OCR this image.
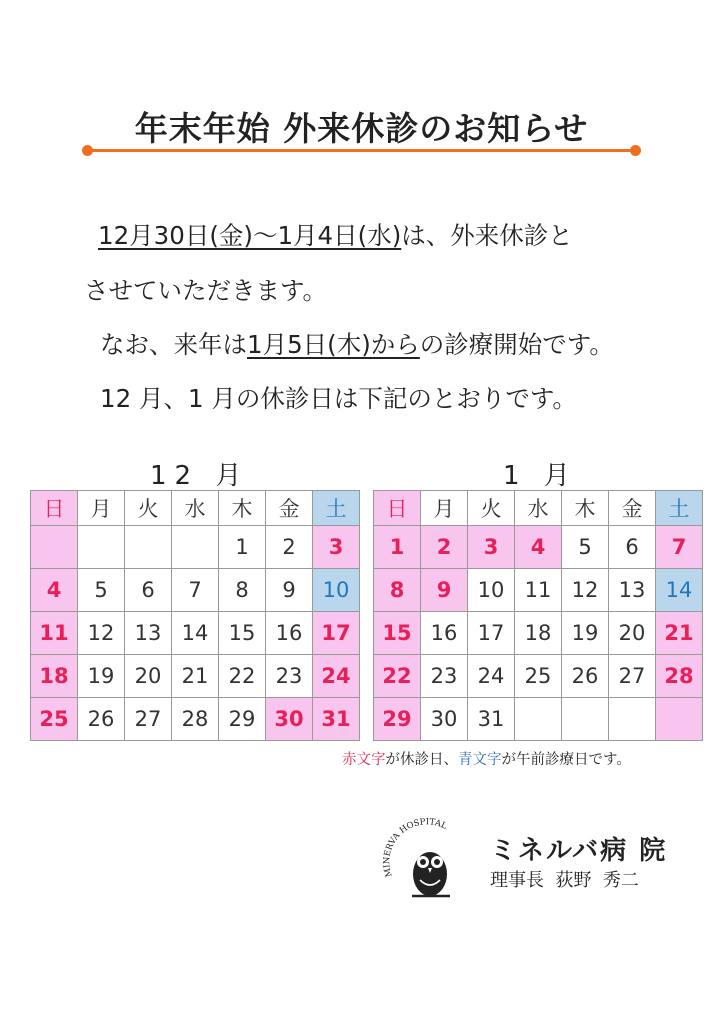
年末年始 外来休診のお知らせ
12月30日(金)～1月4日(水)は、外来休診と
させていただきます。
なお、来年は1月5日(木)からの診療開始です。
12 月、1 月の休診日は下記のとおりです。
12 月	1 月
日	月	火	水	木	金	土
				1	2	3
4	5	6	7	8	9	10
11	12	13	14	15	16	17
18	19	20	21	22	23	24
25	26	27	28	29	30	31
日	月	火	水	木	金	土
1	2	3	4	5	6	7
8	9	10	11	12	13	14
15	16	17	18	19	20	21
22	23	24	25	26	27	28
29	30	31				
赤文字が休診日、青文字が午前診療日です。
MINERVA HOSPITAL
ミネルバ病 院
理事長  荻野  秀二
